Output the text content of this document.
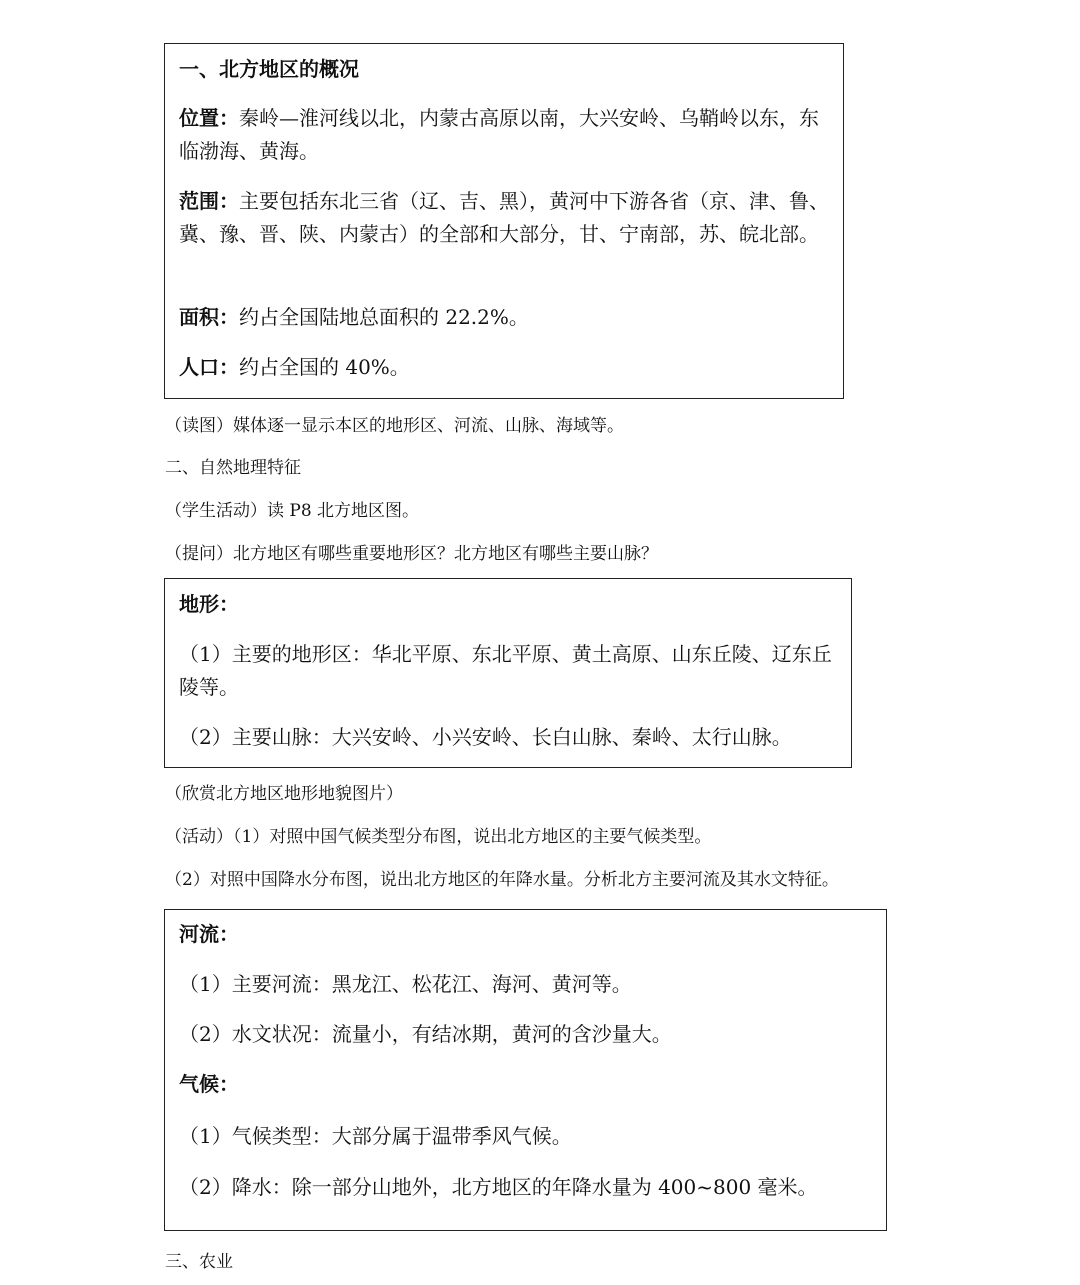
一、北方地区的概况

位置：秦岭—淮河线以北，内蒙古高原以南，大兴安岭、乌鞘岭以东，东临渤海、黄海。

范围：主要包括东北三省（辽、吉、黑），黄河中下游各省（京、津、鲁、冀、豫、晋、陕、内蒙古）的全部和大部分，甘、宁南部，苏、皖北部。

面积：约占全国陆地总面积的 22.2%。

人口：约占全国的 40%。

（读图）媒体逐一显示本区的地形区、河流、山脉、海域等。

二、自然地理特征

（学生活动）读 P8 北方地区图。

（提问）北方地区有哪些重要地形区？北方地区有哪些主要山脉？

地形：

（1）主要的地形区：华北平原、东北平原、黄土高原、山东丘陵、辽东丘陵等。

（2）主要山脉：大兴安岭、小兴安岭、长白山脉、秦岭、太行山脉。

（欣赏北方地区地形地貌图片）

（活动）（1）对照中国气候类型分布图，说出北方地区的主要气候类型。

（2）对照中国降水分布图，说出北方地区的年降水量。分析北方主要河流及其水文特征。

河流：

（1）主要河流：黑龙江、松花江、海河、黄河等。

（2）水文状况：流量小，有结冰期，黄河的含沙量大。

气候：

（1）气候类型：大部分属于温带季风气候。

（2）降水：除一部分山地外，北方地区的年降水量为 400~800 毫米。

三、农业
